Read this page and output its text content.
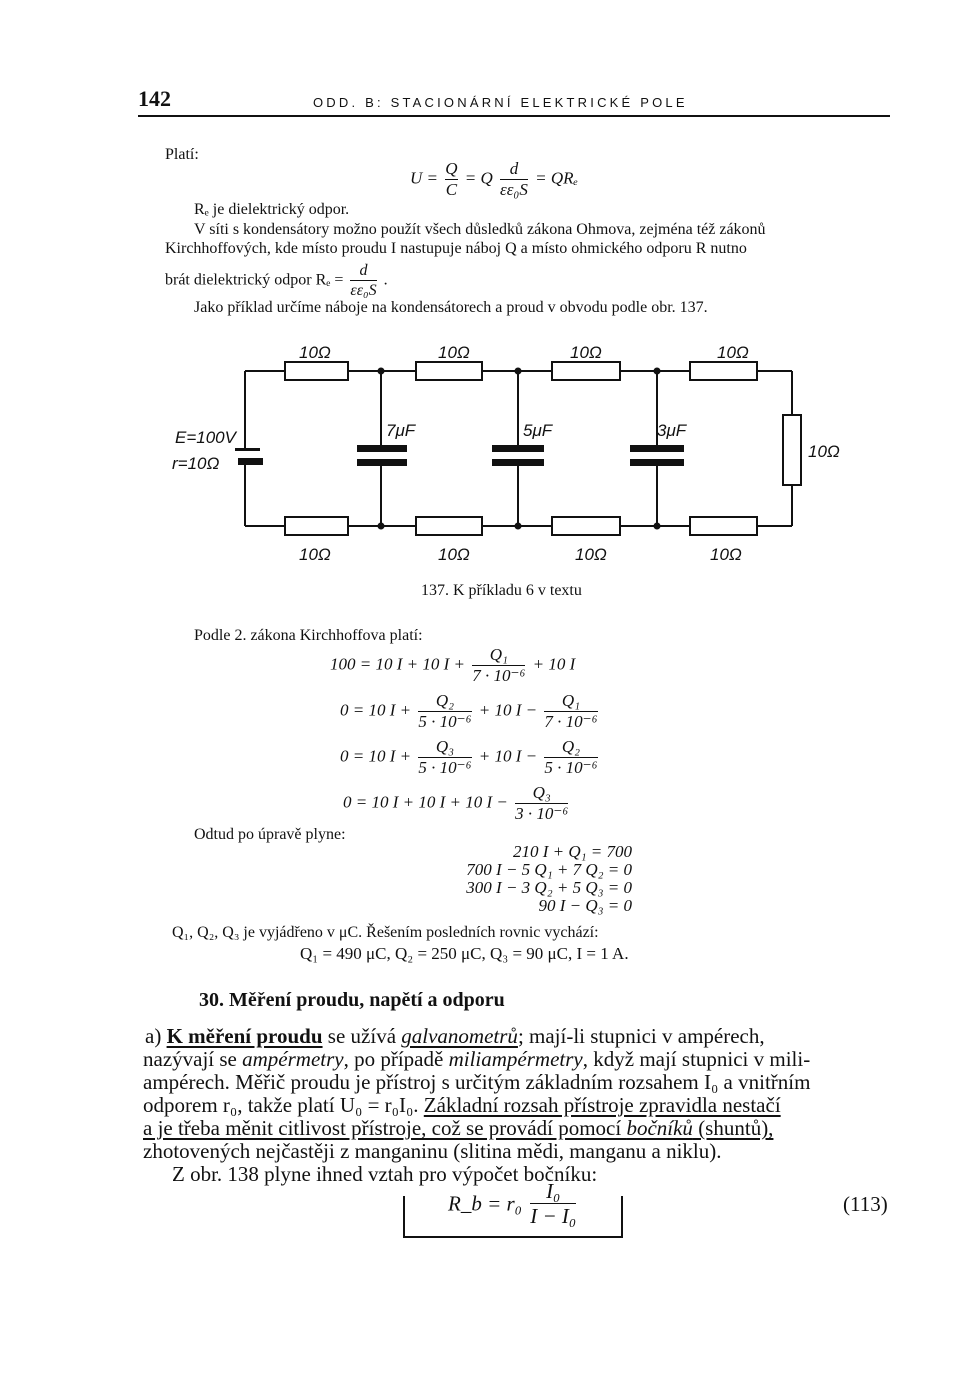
142	ODD. B: STACIONÁRNÍ ELEKTRICKÉ POLE
Platí:
$U = \frac{Q}{C} = Q \frac{d}{\text{εε₀S}} = QR_e$
Rₑ je dielektrický odpor.
V síti s kondensátory možno použít všech důsledků zákona Ohmova, zejména též zákonů
Kirchhoffových, kde místo proudu I nastupuje náboj Q a místo ohmického odporu R nutno
brát dielektrický odpor $R_e = \frac{d}{\text{εε₀S}}$ .
Jako příklad určíme náboje na kondensátorech a proud v obvodu podle obr. 137.
10Ω	10Ω	10Ω	10Ω
10Ω	10Ω	10Ω	10Ω
E=100V
r=10Ω
7μF	5μF	3μF
10Ω
137. K příkladu 6 v textu
Podle 2. zákona Kirchhoffova platí:
100 = 10 I + 10 $I + \frac{\text{Q₁}}{\text{7 · 10⁻⁶}} + 10$ I
0 = 10 $I + \frac{\text{Q₂}}{\text{5 · 10⁻⁶}} + 10$ $I - \frac{\text{Q₁}}{\text{7 · 10⁻⁶}}$
0 = 10 $I + \frac{\text{Q₃}}{\text{5 · 10⁻⁶}} + 10$ $I - \frac{\text{Q₂}}{\text{5 · 10⁻⁶}}$
0 = 10 I + 10 I + 10 $I - \frac{\text{Q₃}}{\text{3 · 10⁻⁶}}$
Odtud po úpravě plyne:
210 I + Q₁ = 700
700 I − 5 Q₁ + 7 Q₂ = 0
300 I − 3 Q₂ + 5 Q₃ = 0
90 I − Q₃ = 0
Q₁, Q₂, Q₃ je vyjádřeno v μC. Řešením posledních rovnic vychází:
Q₁ = 490 μC, Q₂ = 250 μC, Q₃ = 90 μC, I = 1 A.
30. Měření proudu, napětí a odporu
a) K měření proudu se užívá galvanometrů; mají-li stupnici v ampérech,
nazývají se ampérmetry, po případě miliampérmetry, když mají stupnici v mili-
ampérech. Měřič proudu je přístroj s určitým základním rozsahem I₀ a vnitřním
odporem r₀, takže platí U₀ = r₀I₀. Základní rozsah přístroje zpravidla nestačí
a je třeba měnit citlivost přístroje, což se provádí pomocí bočníků (shuntů),
zhotovených nejčastěji z manganinu (slitina mědi, manganu a niklu).
Z obr. 138 plyne ihned vztah pro výpočet bočníku:
R_b = $r_0 \frac{\text{I₀}}{\text{I − I₀}}$	(113)
